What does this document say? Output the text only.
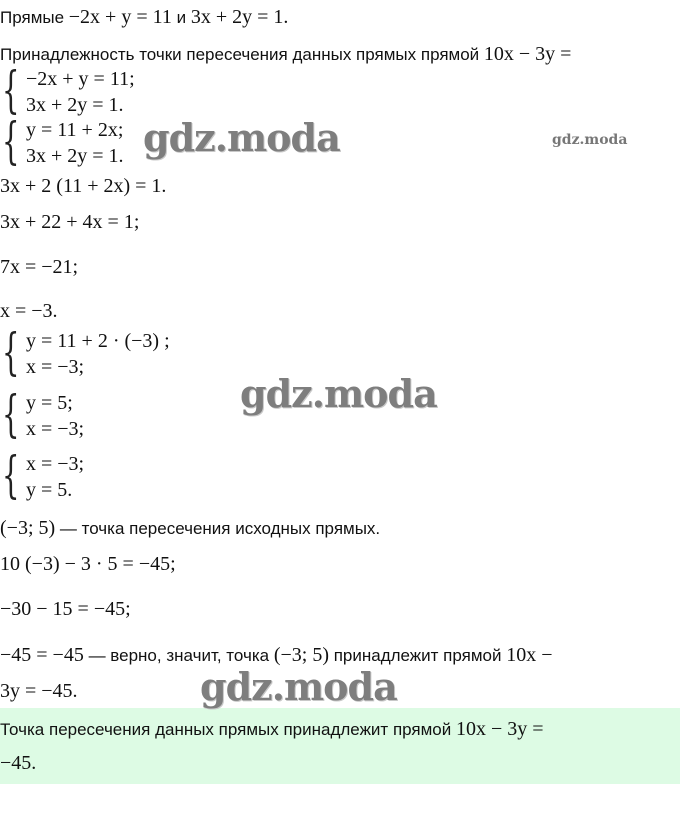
Прямые −2x + y = 11 и 3x + 2y = 1.
Принадлежность точки пересечения данных прямых прямой 10x − 3y =
{ −2x + y = 11;
3x + 2y = 1.
{ y = 11 + 2x;
3x + 2y = 1.
3x + 2 (11 + 2x) = 1.
3x + 22 + 4x = 1;
7x = −21;
x = −3.
{ y = 11 + 2 · (−3) ;
x = −3;
{ y = 5;
x = −3;
{ x = −3;
y = 5.
(−3; 5) — точка пересечения исходных прямых.
10 (−3) − 3 · 5 = −45;
−30 − 15 = −45;
−45 = −45 — верно, значит, точка (−3; 5) принадлежит прямой 10x −
3y = −45.
Точка пересечения данных прямых принадлежит прямой 10x − 3y =
−45.
gdz.moda	gdz.moda
gdz.moda
gdz.moda
